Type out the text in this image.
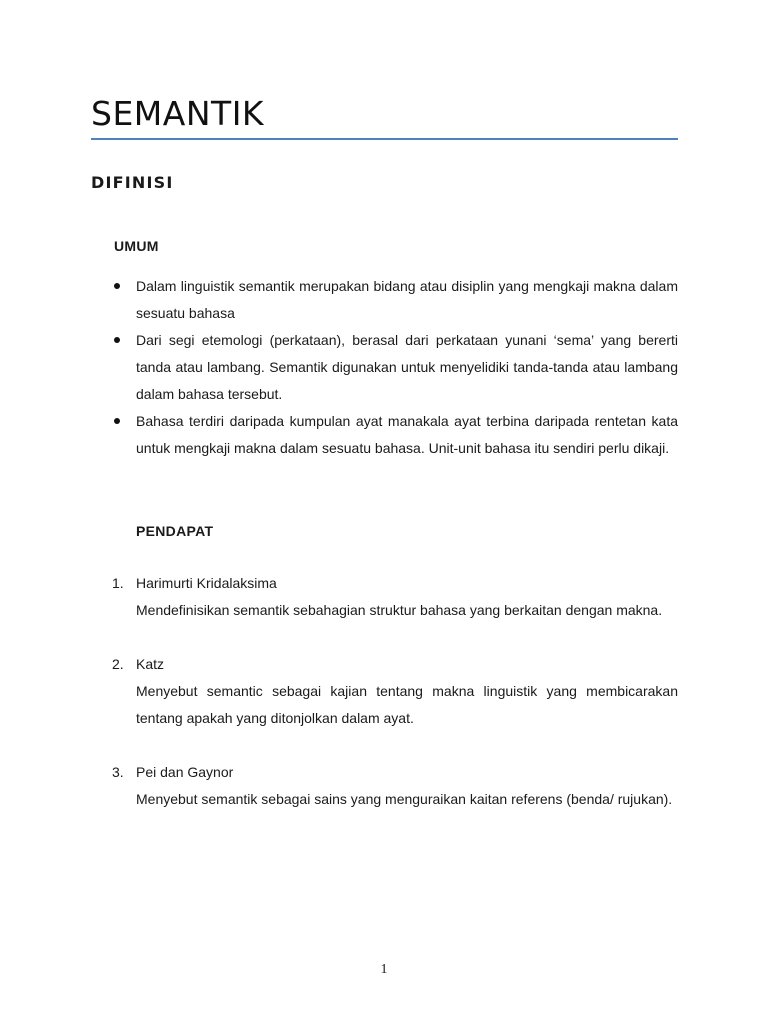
SEMANTIK
DIFINISI
UMUM
Dalam linguistik semantik merupakan bidang atau disiplin yang mengkaji makna dalam sesuatu bahasa
Dari segi etemologi (perkataan), berasal dari perkataan yunani ‘sema’ yang bererti tanda atau lambang. Semantik digunakan untuk menyelidiki tanda-tanda atau lambang dalam bahasa tersebut.
Bahasa terdiri daripada kumpulan ayat manakala ayat terbina daripada rentetan kata untuk mengkaji makna dalam sesuatu bahasa. Unit-unit bahasa itu sendiri perlu dikaji.
PENDAPAT
1. Harimurti Kridalaksima
Mendefinisikan semantik sebahagian struktur bahasa yang berkaitan dengan makna.
2. Katz
Menyebut semantic sebagai kajian tentang makna linguistik yang membicarakan tentang apakah yang ditonjolkan dalam ayat.
3. Pei dan Gaynor
Menyebut semantik sebagai sains yang menguraikan kaitan referens (benda/ rujukan).
1
